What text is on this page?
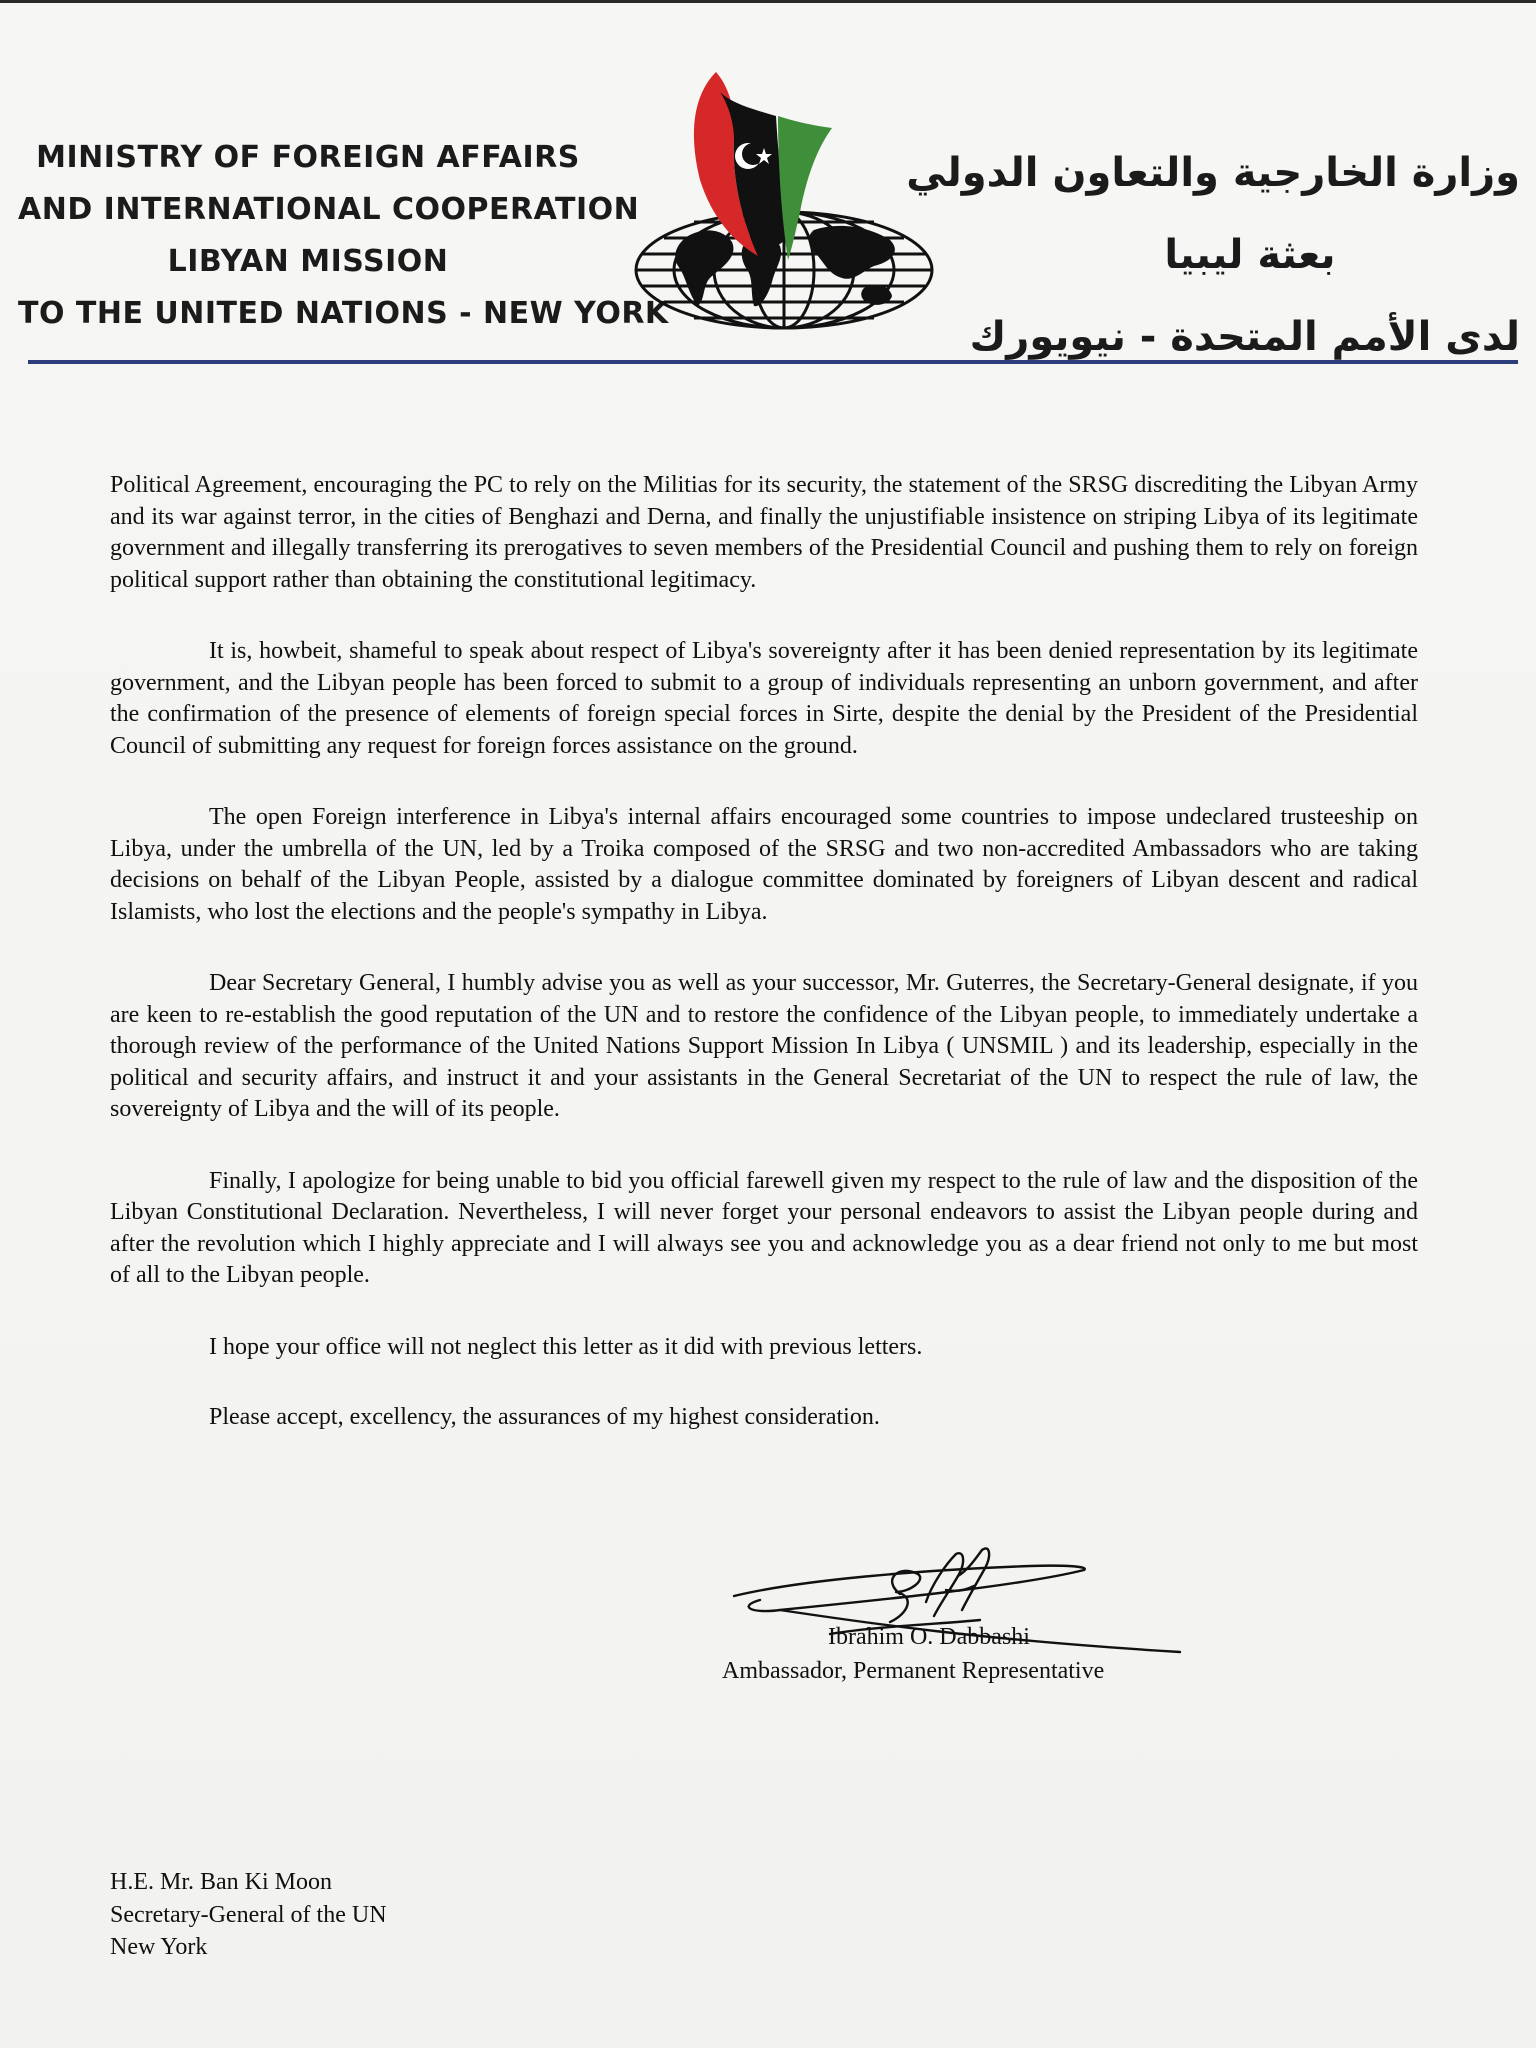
MINISTRY OF FOREIGN AFFAIRS
AND INTERNATIONAL COOPERATION
LIBYAN MISSION
TO THE UNITED NATIONS - NEW YORK
وزارة الخارجية والتعاون الدولي
بعثة ليبيا
لدى الأمم المتحدة - نيويورك

Political Agreement, encouraging the PC to rely on the Militias for its security, the statement of the SRSG discrediting the Libyan Army and its war against terror, in the cities of Benghazi and Derna, and finally the unjustifiable insistence on striping Libya of its legitimate government and illegally transferring its prerogatives to seven members of the Presidential Council and pushing them to rely on foreign political support rather than obtaining the constitutional legitimacy.

It is, howbeit, shameful to speak about respect of Libya's sovereignty after it has been denied representation by its legitimate government, and the Libyan people has been forced to submit to a group of individuals representing an unborn government, and after the confirmation of the presence of elements of foreign special forces in Sirte, despite the denial by the President of the Presidential Council of submitting any request for foreign forces assistance on the ground.

The open Foreign interference in Libya's internal affairs encouraged some countries to impose undeclared trusteeship on Libya, under the umbrella of the UN, led by a Troika composed of the SRSG and two non-accredited Ambassadors who are taking decisions on behalf of the Libyan People, assisted by a dialogue committee dominated by foreigners of Libyan descent and radical Islamists, who lost the elections and the people's sympathy in Libya.

Dear Secretary General, I humbly advise you as well as your successor, Mr. Guterres, the Secretary-General designate, if you are keen to re-establish the good reputation of the UN and to restore the confidence of the Libyan people, to immediately undertake a thorough review of the performance of the United Nations Support Mission In Libya ( UNSMIL ) and its leadership, especially in the political and security affairs, and instruct it and your assistants in the General Secretariat of the UN to respect the rule of law, the sovereignty of Libya and the will of its people.

Finally, I apologize for being unable to bid you official farewell given my respect to the rule of law and the disposition of the Libyan Constitutional Declaration. Nevertheless, I will never forget your personal endeavors to assist the Libyan people during and after the revolution which I highly appreciate and I will always see you and acknowledge you as a dear friend not only to me but most of all to the Libyan people.

I hope your office will not neglect this letter as it did with previous letters.

Please accept, excellency, the assurances of my highest consideration.

Ibrahim O. Dabbashi
Ambassador, Permanent Representative
H.E. Mr. Ban Ki Moon
Secretary-General of the UN
New York
